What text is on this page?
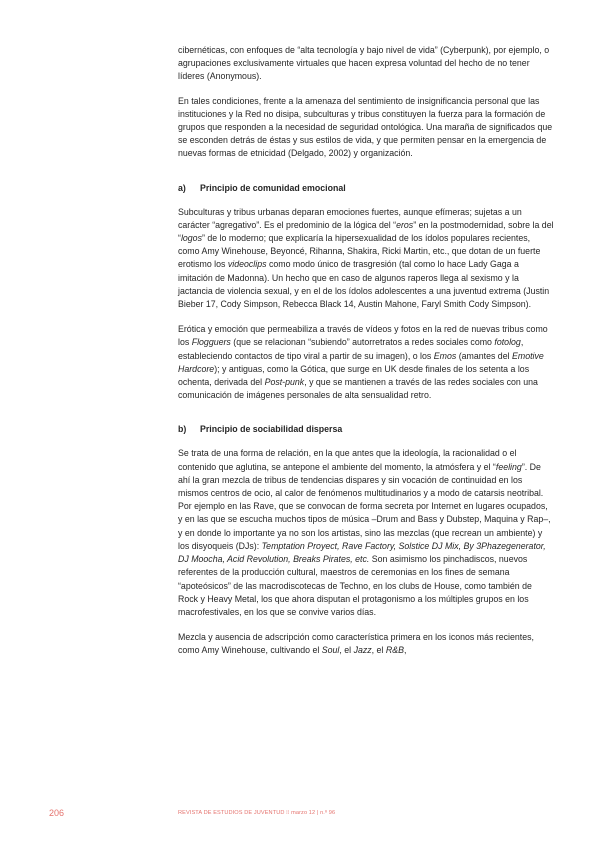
cibernéticas, con enfoques de “alta tecnología y bajo nivel de vida” (Cyberpunk), por ejemplo, o agrupaciones exclusivamente virtuales que hacen expresa voluntad del hecho de no tener líderes (Anonymous).

En tales condiciones, frente a la amenaza del sentimiento de insignificancia personal que las instituciones y la Red no disipa, subculturas y tribus constituyen la fuerza para la formación de grupos que responden a la necesidad de seguridad ontológica. Una maraña de significados que se esconden detrás de éstas y sus estilos de vida, y que permiten pensar en la emergencia de nuevas formas de etnicidad (Delgado, 2002) y organización.

a) Principio de comunidad emocional

Subculturas y tribus urbanas deparan emociones fuertes, aunque efímeras; sujetas a un carácter “agregativo”. Es el predominio de la lógica del “eros” en la postmodernidad, sobre la del “logos” de lo moderno; que explicaría la hipersexualidad de los ídolos populares recientes, como Amy Winehouse, Beyoncé, Rihanna, Shakira, Ricki Martin, etc., que dotan de un fuerte erotismo los videoclips como modo único de trasgresión (tal como lo hace Lady Gaga a imitación de Madonna). Un hecho que en caso de algunos raperos llega al sexismo y la jactancia de violencia sexual, y en el de los ídolos adolescentes a una juventud extrema (Justin Bieber 17, Cody Simpson, Rebecca Black 14, Austin Mahone, Faryl Smith Cody Simpson).

Erótica y emoción que permeabiliza a través de vídeos y fotos en la red de nuevas tribus como los Flogguers (que se relacionan “subiendo” autorretratos a redes sociales como fotolog, estableciendo contactos de tipo viral a partir de su imagen), o los Emos (amantes del Emotive Hardcore); y antiguas, como la Gótica, que surge en UK desde finales de los setenta a los ochenta, derivada del Post-punk, y que se mantienen a través de las redes sociales con una comunicación de imágenes personales de alta sensualidad retro.

b) Principio de sociabilidad dispersa

Se trata de una forma de relación, en la que antes que la ideología, la racionalidad o el contenido que aglutina, se antepone el ambiente del momento, la atmósfera y el “feeling”. De ahí la gran mezcla de tribus de tendencias dispares y sin vocación de continuidad en los mismos centros de ocio, al calor de fenómenos multitudinarios y a modo de catarsis neotribal. Por ejemplo en las Rave, que se convocan de forma secreta por Internet en lugares ocupados, y en las que se escucha muchos tipos de música –Drum and Bass y Dubstep, Maquina y Rap–, y en donde lo importante ya no son los artistas, sino las mezclas (que recrean un ambiente) y los disyoqueis (DJs): Temptation Proyect, Rave Factory, Solstice DJ Mix, By 3Phazegenerator, DJ Moocha, Acid Revolution, Breaks Pirates, etc. Son asimismo los pinchadiscos, nuevos referentes de la producción cultural, maestros de ceremonias en los fines de semana “apoteósicos” de las macrodiscotecas de Techno, en los clubs de House, como también de Rock y Heavy Metal, los que ahora disputan el protagonismo a los múltiples grupos en los macrofestivales, en los que se convive varios días.

Mezcla y ausencia de adscripción como característica primera en los iconos más recientes, como Amy Winehouse, cultivando el Soul, el Jazz, el R&B,

206	REVISTA DE ESTUDIOS DE JUVENTUD ⁞⁞ marzo 12 | n.º 96
